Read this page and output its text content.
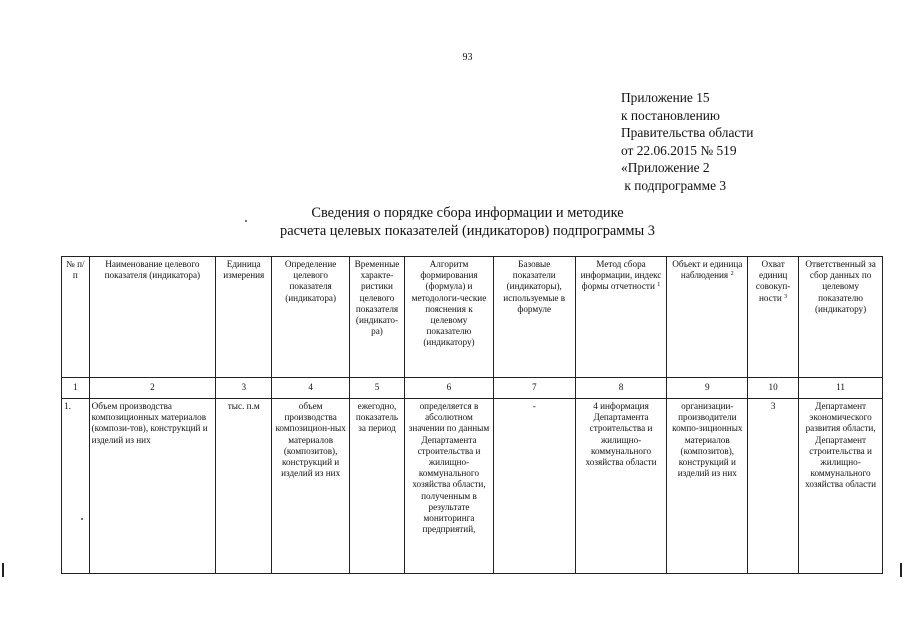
93
Приложение 15
к постановлению
Правительства области
от 22.06.2015 № 519
«Приложение 2
к подпрограмме 3
Сведения о порядке сбора информации и методике
расчета целевых показателей (индикаторов) подпрограммы 3
№ п/п	Наименование целевого показателя (индикатора)	Единица измерения	Определение целевого показателя (индикатора)	Временные характе-ристики целевого показателя (индикато-ра)	Алгоритм формирования (формула) и методологи-ческие пояснения к целевому показателю (индикатору)	Базовые показатели (индикаторы), используемые в формуле	Метод сбора информации, индекс формы отчетности $^1$	Объект и единица наблюдения $^2$	Охват единиц совокуп-ности $^3$	Ответственный за сбор данных по целевому показателю (индикатору)
1	2	3	4	5	6	7	8	9	10	11
1.	Объем производства композиционных материалов (компози-тов), конструкций и изделий из них	тыс. п.м	объем производства композицион-ных материалов (композитов), конструкций и изделий из них	ежегодно, показатель за период	определяется в абсолютном значении по данным Департамента строительства и жилищно-коммунального хозяйства области, полученным в результате мониторинга предприятий,	-	4 информация Департамента строительства и жилищно-коммунального хозяйства области	организации-производители компо-зиционных материалов (композитов), конструкций и изделий из них	3	Департамент экономического развития области, Департамент строительства и жилищно-коммунального хозяйства области
